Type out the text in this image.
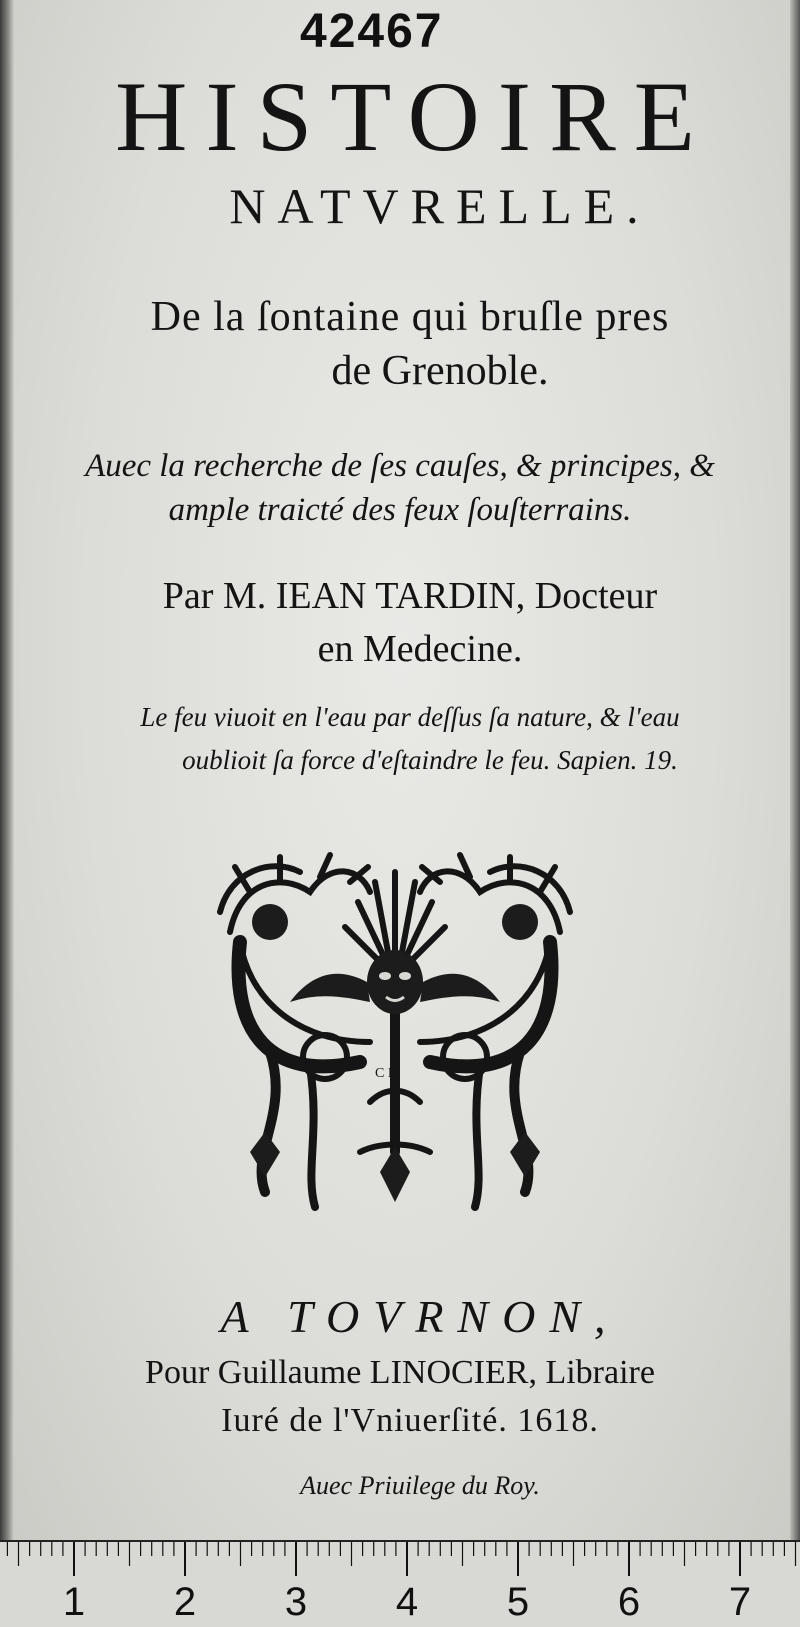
42467
HISTOIRE
NATVRELLE.
De la ſontaine qui bruſle pres
de Grenoble.
Auec la recherche de ſes cauſes, & principes, &
ample traicté des feux ſouſterrains.
Par M. IEAN TARDIN, Docteur
en Medecine.
Le feu viuoit en l'eau par deſſus ſa nature, & l'eau
oublioit ſa force d'eſtaindre le feu. Sapien. 19.
C M
A TOVRNON,
Pour Guillaume LINOCIER, Libraire
Iuré de l'Vniuerſité. 1618.
Auec Priuilege du Roy.
1 2 3 4 5 6 7
